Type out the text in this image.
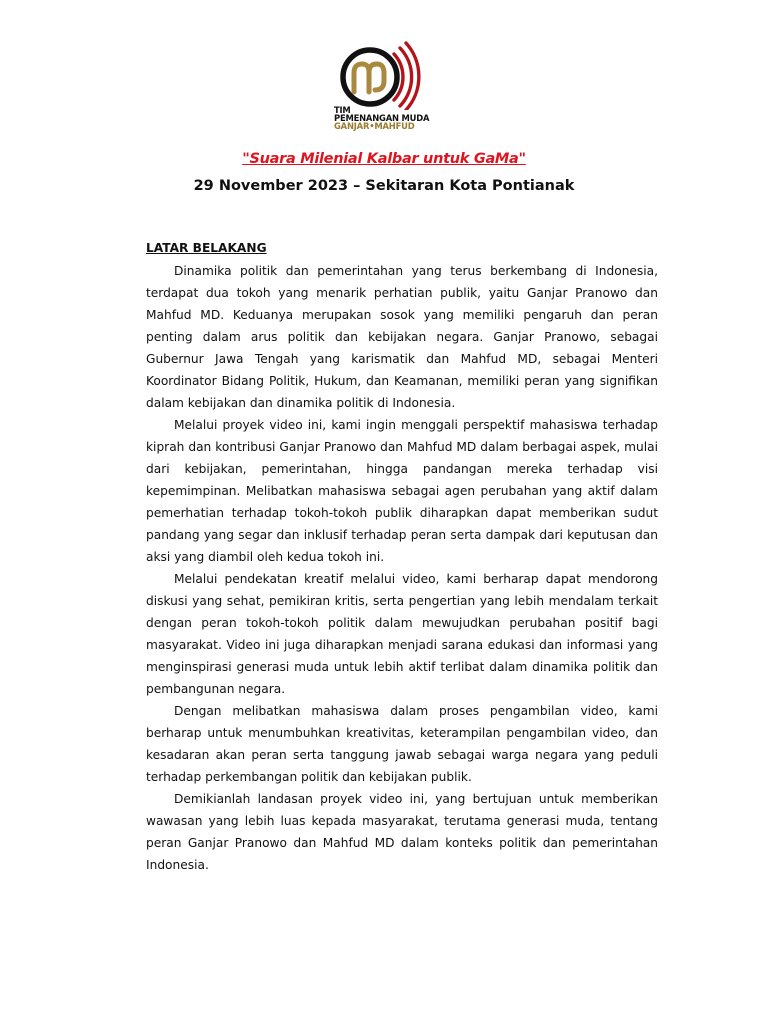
TIM
PEMENANGAN MUDA
GANJAR•MAHFUD
"Suara Milenial Kalbar untuk GaMa"
29 November 2023 – Sekitaran Kota Pontianak
LATAR BELAKANG

Dinamika politik dan pemerintahan yang terus berkembang di Indonesia, terdapat dua tokoh yang menarik perhatian publik, yaitu Ganjar Pranowo dan Mahfud MD. Keduanya merupakan sosok yang memiliki pengaruh dan peran penting dalam arus politik dan kebijakan negara. Ganjar Pranowo, sebagai Gubernur Jawa Tengah yang karismatik dan Mahfud MD, sebagai Menteri Koordinator Bidang Politik, Hukum, dan Keamanan, memiliki peran yang signifikan dalam kebijakan dan dinamika politik di Indonesia.

Melalui proyek video ini, kami ingin menggali perspektif mahasiswa terhadap kiprah dan kontribusi Ganjar Pranowo dan Mahfud MD dalam berbagai aspek, mulai dari kebijakan, pemerintahan, hingga pandangan mereka terhadap visi kepemimpinan. Melibatkan mahasiswa sebagai agen perubahan yang aktif dalam pemerhatian terhadap tokoh-tokoh publik diharapkan dapat memberikan sudut pandang yang segar dan inklusif terhadap peran serta dampak dari keputusan dan aksi yang diambil oleh kedua tokoh ini.

Melalui pendekatan kreatif melalui video, kami berharap dapat mendorong diskusi yang sehat, pemikiran kritis, serta pengertian yang lebih mendalam terkait dengan peran tokoh-tokoh politik dalam mewujudkan perubahan positif bagi masyarakat. Video ini juga diharapkan menjadi sarana edukasi dan informasi yang menginspirasi generasi muda untuk lebih aktif terlibat dalam dinamika politik dan pembangunan negara.

Dengan melibatkan mahasiswa dalam proses pengambilan video, kami berharap untuk menumbuhkan kreativitas, keterampilan pengambilan video, dan kesadaran akan peran serta tanggung jawab sebagai warga negara yang peduli terhadap perkembangan politik dan kebijakan publik.

Demikianlah landasan proyek video ini, yang bertujuan untuk memberikan wawasan yang lebih luas kepada masyarakat, terutama generasi muda, tentang peran Ganjar Pranowo dan Mahfud MD dalam konteks politik dan pemerintahan Indonesia.
